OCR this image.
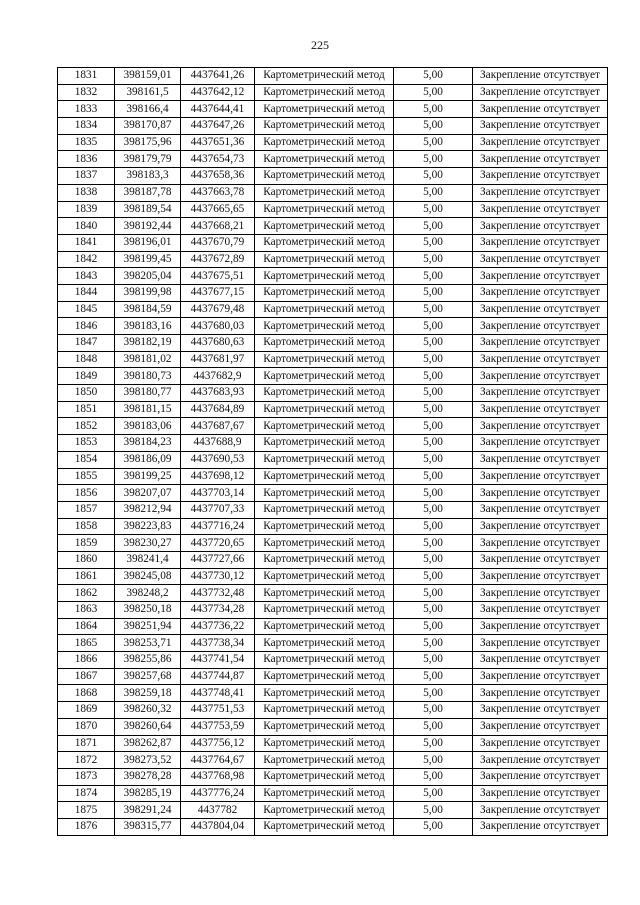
225
1831	398159,01	4437641,26	Картометрический метод	5,00	Закрепление отсутствует
1832	398161,5	4437642,12	Картометрический метод	5,00	Закрепление отсутствует
1833	398166,4	4437644,41	Картометрический метод	5,00	Закрепление отсутствует
1834	398170,87	4437647,26	Картометрический метод	5,00	Закрепление отсутствует
1835	398175,96	4437651,36	Картометрический метод	5,00	Закрепление отсутствует
1836	398179,79	4437654,73	Картометрический метод	5,00	Закрепление отсутствует
1837	398183,3	4437658,36	Картометрический метод	5,00	Закрепление отсутствует
1838	398187,78	4437663,78	Картометрический метод	5,00	Закрепление отсутствует
1839	398189,54	4437665,65	Картометрический метод	5,00	Закрепление отсутствует
1840	398192,44	4437668,21	Картометрический метод	5,00	Закрепление отсутствует
1841	398196,01	4437670,79	Картометрический метод	5,00	Закрепление отсутствует
1842	398199,45	4437672,89	Картометрический метод	5,00	Закрепление отсутствует
1843	398205,04	4437675,51	Картометрический метод	5,00	Закрепление отсутствует
1844	398199,98	4437677,15	Картометрический метод	5,00	Закрепление отсутствует
1845	398184,59	4437679,48	Картометрический метод	5,00	Закрепление отсутствует
1846	398183,16	4437680,03	Картометрический метод	5,00	Закрепление отсутствует
1847	398182,19	4437680,63	Картометрический метод	5,00	Закрепление отсутствует
1848	398181,02	4437681,97	Картометрический метод	5,00	Закрепление отсутствует
1849	398180,73	4437682,9	Картометрический метод	5,00	Закрепление отсутствует
1850	398180,77	4437683,93	Картометрический метод	5,00	Закрепление отсутствует
1851	398181,15	4437684,89	Картометрический метод	5,00	Закрепление отсутствует
1852	398183,06	4437687,67	Картометрический метод	5,00	Закрепление отсутствует
1853	398184,23	4437688,9	Картометрический метод	5,00	Закрепление отсутствует
1854	398186,09	4437690,53	Картометрический метод	5,00	Закрепление отсутствует
1855	398199,25	4437698,12	Картометрический метод	5,00	Закрепление отсутствует
1856	398207,07	4437703,14	Картометрический метод	5,00	Закрепление отсутствует
1857	398212,94	4437707,33	Картометрический метод	5,00	Закрепление отсутствует
1858	398223,83	4437716,24	Картометрический метод	5,00	Закрепление отсутствует
1859	398230,27	4437720,65	Картометрический метод	5,00	Закрепление отсутствует
1860	398241,4	4437727,66	Картометрический метод	5,00	Закрепление отсутствует
1861	398245,08	4437730,12	Картометрический метод	5,00	Закрепление отсутствует
1862	398248,2	4437732,48	Картометрический метод	5,00	Закрепление отсутствует
1863	398250,18	4437734,28	Картометрический метод	5,00	Закрепление отсутствует
1864	398251,94	4437736,22	Картометрический метод	5,00	Закрепление отсутствует
1865	398253,71	4437738,34	Картометрический метод	5,00	Закрепление отсутствует
1866	398255,86	4437741,54	Картометрический метод	5,00	Закрепление отсутствует
1867	398257,68	4437744,87	Картометрический метод	5,00	Закрепление отсутствует
1868	398259,18	4437748,41	Картометрический метод	5,00	Закрепление отсутствует
1869	398260,32	4437751,53	Картометрический метод	5,00	Закрепление отсутствует
1870	398260,64	4437753,59	Картометрический метод	5,00	Закрепление отсутствует
1871	398262,87	4437756,12	Картометрический метод	5,00	Закрепление отсутствует
1872	398273,52	4437764,67	Картометрический метод	5,00	Закрепление отсутствует
1873	398278,28	4437768,98	Картометрический метод	5,00	Закрепление отсутствует
1874	398285,19	4437776,24	Картометрический метод	5,00	Закрепление отсутствует
1875	398291,24	4437782	Картометрический метод	5,00	Закрепление отсутствует
1876	398315,77	4437804,04	Картометрический метод	5,00	Закрепление отсутствует
